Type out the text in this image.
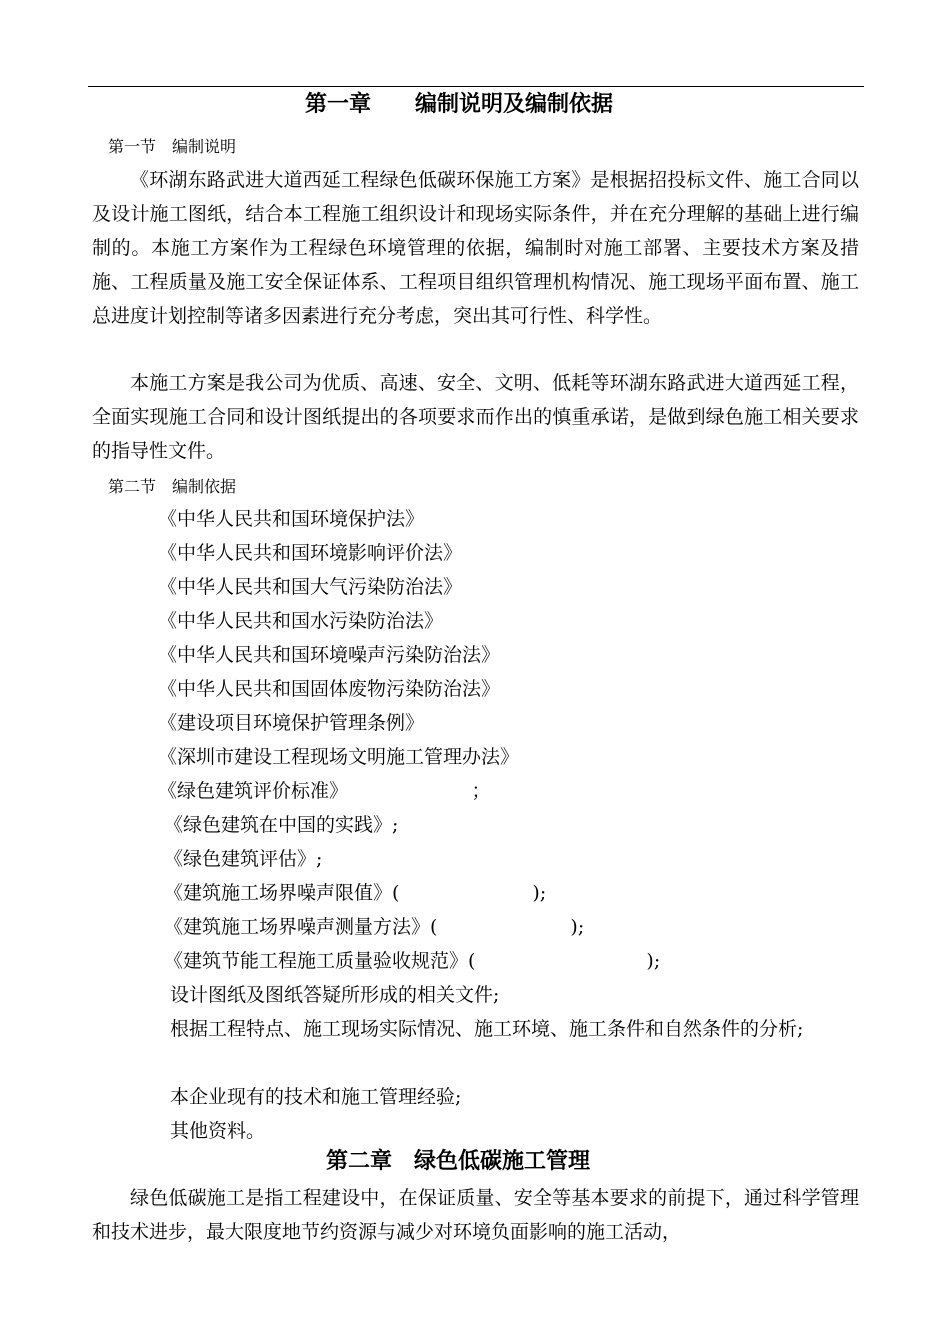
第一章　　编制说明及编制依据
第一节　编制说明
《环湖东路武进大道西延工程绿色低碳环保施工方案》是根据招投标文件、施工合同以及设计施工图纸，结合本工程施工组织设计和现场实际条件，并在充分理解的基础上进行编制的。本施工方案作为工程绿色环境管理的依据，编制时对施工部署、主要技术方案及措施、工程质量及施工安全保证体系、工程项目组织管理机构情况、施工现场平面布置、施工总进度计划控制等诸多因素进行充分考虑，突出其可行性、科学性。
本施工方案是我公司为优质、高速、安全、文明、低耗等环湖东路武进大道西延工程，全面实现施工合同和设计图纸提出的各项要求而作出的慎重承诺，是做到绿色施工相关要求的指导性文件。
第二节　编制依据
《中华人民共和国环境保护法》
《中华人民共和国环境影响评价法》
《中华人民共和国大气污染防治法》
《中华人民共和国水污染防治法》
《中华人民共和国环境噪声污染防治法》
《中华人民共和国固体废物污染防治法》
《建设项目环境保护管理条例》
《深圳市建设工程现场文明施工管理办法》
《绿色建筑评价标准》　　　　　　　；
《绿色建筑在中国的实践》;
《绿色建筑评估》;
《建筑施工场界噪声限值》(　　　　　　　);
《建筑施工场界噪声测量方法》(　　　　　　　);
《建筑节能工程施工质量验收规范》(　　　　　　　　　);
设计图纸及图纸答疑所形成的相关文件;
根据工程特点、施工现场实际情况、施工环境、施工条件和自然条件的分析;
本企业现有的技术和施工管理经验;
其他资料。
第二章　绿色低碳施工管理
绿色低碳施工是指工程建设中，在保证质量、安全等基本要求的前提下，通过科学管理和技术进步，最大限度地节约资源与减少对环境负面影响的施工活动，
